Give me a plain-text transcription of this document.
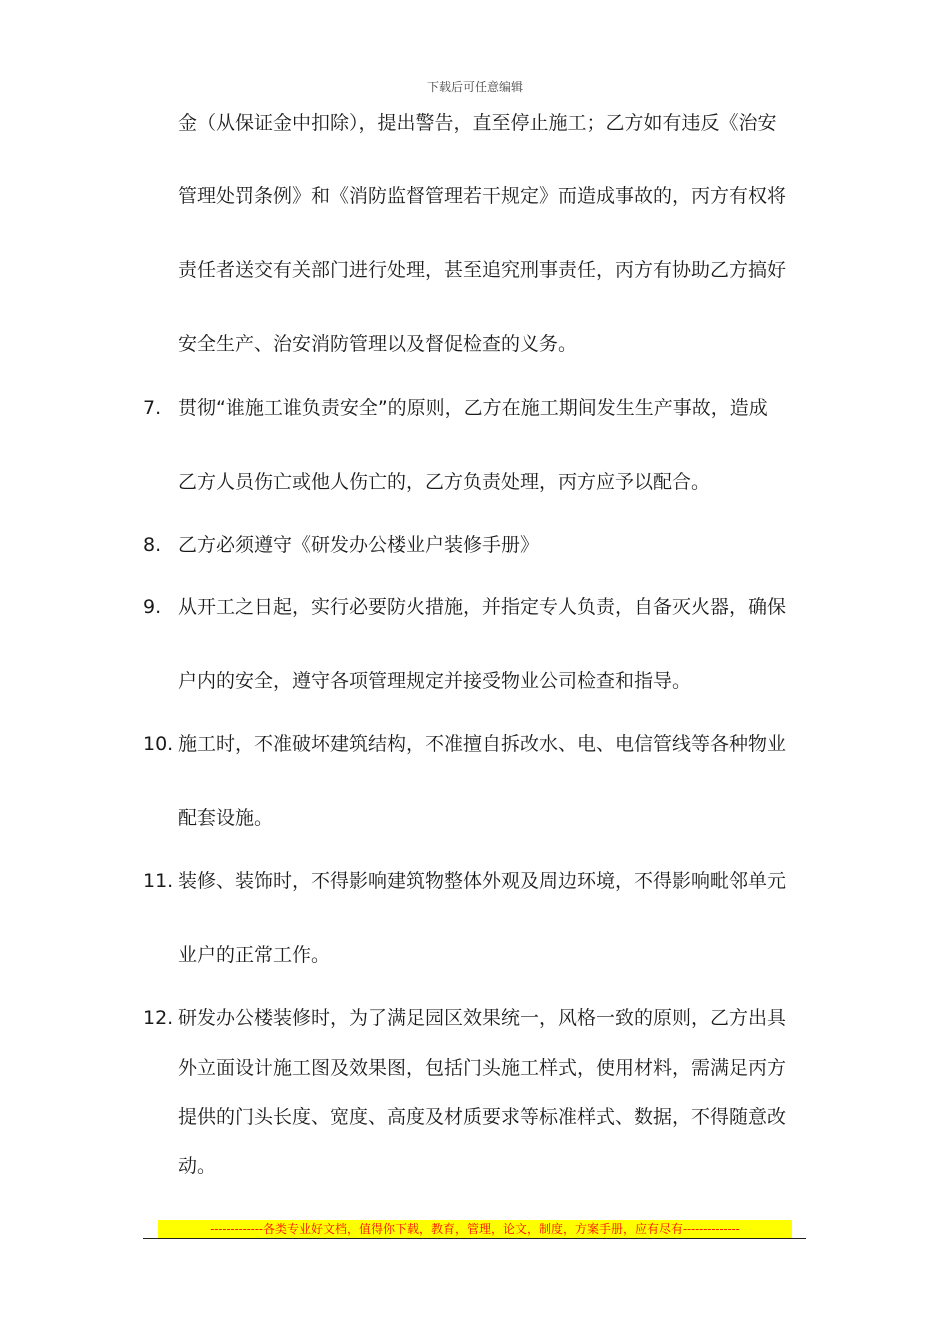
下载后可任意编辑
金（从保证金中扣除），提出警告，直至停止施工；乙方如有违反《治安
管理处罚条例》和《消防监督管理若干规定》而造成事故的，丙方有权将
责任者送交有关部门进行处理，甚至追究刑事责任，丙方有协助乙方搞好
安全生产、治安消防管理以及督促检查的义务。
7. 贯彻“谁施工谁负责安全”的原则，乙方在施工期间发生生产事故，造成
乙方人员伤亡或他人伤亡的，乙方负责处理，丙方应予以配合。
8. 乙方必须遵守《研发办公楼业户装修手册》
9. 从开工之日起，实行必要防火措施，并指定专人负责，自备灭火器，确保
户内的安全，遵守各项管理规定并接受物业公司检查和指导。
10. 施工时，不准破坏建筑结构，不准擅自拆改水、电、电信管线等各种物业
配套设施。
11. 装修、装饰时，不得影响建筑物整体外观及周边环境，不得影响毗邻单元
业户的正常工作。
12. 研发办公楼装修时，为了满足园区效果统一，风格一致的原则，乙方出具
外立面设计施工图及效果图，包括门头施工样式，使用材料，需满足丙方
提供的门头长度、宽度、高度及材质要求等标准样式、数据，不得随意改
动。
-------------各类专业好文档，值得你下载，教育，管理，论文，制度，方案手册，应有尽有--------------
